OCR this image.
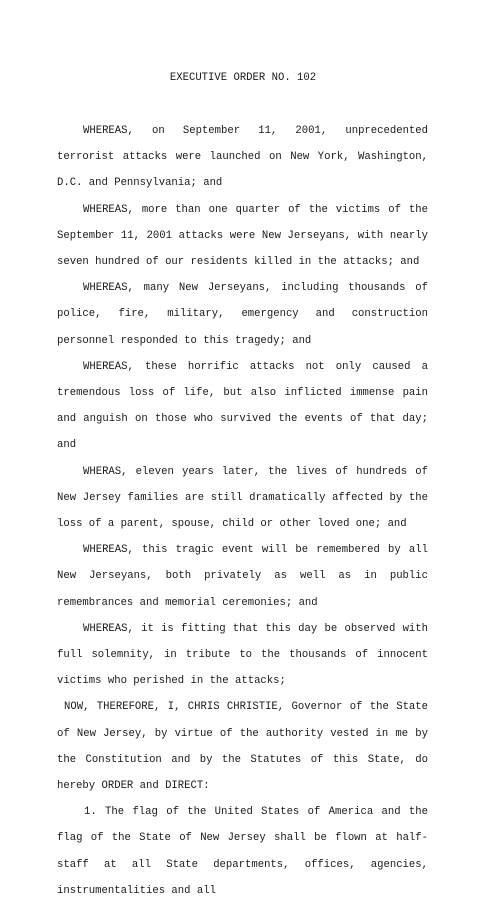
EXECUTIVE ORDER NO. 102

WHEREAS, on September 11, 2001, unprecedented terrorist attacks were launched on New York, Washington, D.C. and Pennsylvania; and

WHEREAS, more than one quarter of the victims of the September 11, 2001 attacks were New Jerseyans, with nearly seven hundred of our residents killed in the attacks; and

WHEREAS, many New Jerseyans, including thousands of police, fire, military, emergency and construction personnel responded to this tragedy; and

WHEREAS, these horrific attacks not only caused a tremendous loss of life, but also inflicted immense pain and anguish on those who survived the events of that day; and

WHERAS, eleven years later, the lives of hundreds of New Jersey families are still dramatically affected by the loss of a parent, spouse, child or other loved one; and

WHEREAS, this tragic event will be remembered by all New Jerseyans, both privately as well as in public remembrances and memorial ceremonies; and

WHEREAS, it is fitting that this day be observed with full solemnity, in tribute to the thousands of innocent victims who perished in the attacks;

NOW, THEREFORE, I, CHRIS CHRISTIE, Governor of the State of New Jersey, by virtue of the authority vested in me by the Constitution and by the Statutes of this State, do hereby ORDER and DIRECT:

1. The flag of the United States of America and the flag of the State of New Jersey shall be flown at half-staff at all State departments, offices, agencies, instrumentalities and all
